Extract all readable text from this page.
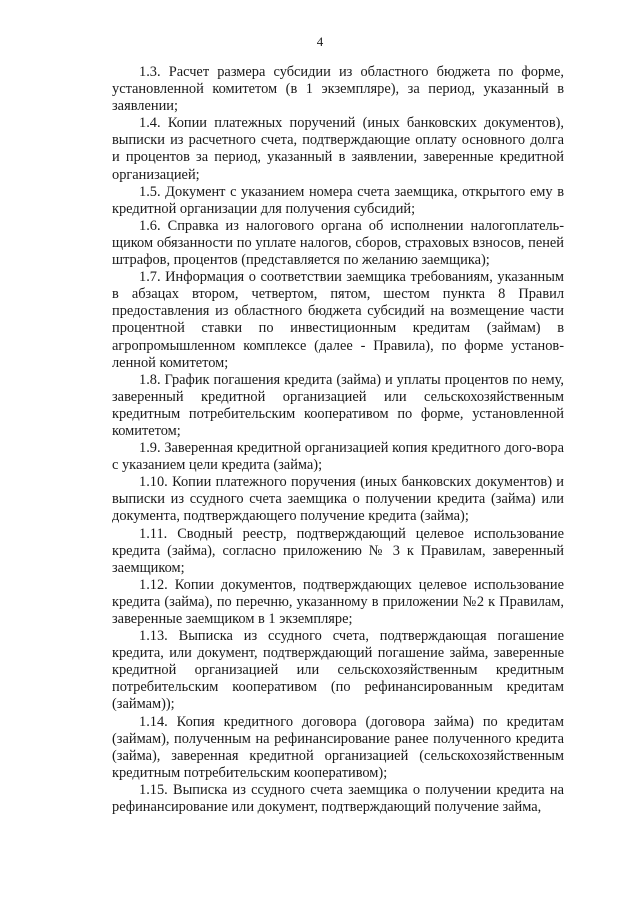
4

1.3. Расчет размера субсидии из областного бюджета по форме, установленной комитетом (в 1 экземпляре), за период, указанный в заявлении;

1.4. Копии платежных поручений (иных банковских документов), выписки из расчетного счета, подтверждающие оплату основного долга и процентов за период, указанный в заявлении, заверенные кредитной организацией;

1.5. Документ с указанием номера счета заемщика, открытого ему в кредитной организации для получения субсидий;

1.6. Справка из налогового органа об исполнении налогоплательщиком обязанности по уплате налогов, сборов, страховых взносов, пеней штрафов, процентов (представляется по желанию заемщика);

1.7. Информация о соответствии заемщика требованиям, указанным в абзацах втором, четвертом, пятом, шестом пункта 8 Правил предоставления из областного бюджета субсидий на возмещение части процентной ставки по инвестиционным кредитам (займам) в агропромышленном комплексе (далее - Правила), по форме установленной комитетом;

1.8. График погашения кредита (займа) и уплаты процентов по нему, заверенный кредитной организацией или сельскохозяйственным кредитным потребительским кооперативом по форме, установленной комитетом;

1.9. Заверенная кредитной организацией копия кредитного дого-вора с указанием цели кредита (займа);

1.10. Копии платежного поручения (иных банковских документов) и выписки из ссудного счета заемщика о получении кредита (займа) или документа, подтверждающего получение кредита (займа);

1.11. Сводный реестр, подтверждающий целевое использование кредита (займа), согласно приложению № 3 к Правилам, заверенный заемщиком;

1.12. Копии документов, подтверждающих целевое использование кредита (займа), по перечню, указанному в приложении №2 к Правилам, заверенные заемщиком в 1 экземпляре;

1.13. Выписка из ссудного счета, подтверждающая погашение кредита, или документ, подтверждающий погашение займа, заверенные кредитной организацией или сельскохозяйственным кредитным потребительским кооперативом (по рефинансированным кредитам (займам));

1.14. Копия кредитного договора (договора займа) по кредитам (займам), полученным на рефинансирование ранее полученного кредита (займа), заверенная кредитной организацией (сельскохозяйственным кредитным потребительским кооперативом);

1.15. Выписка из ссудного счета заемщика о получении кредита на рефинансирование или документ, подтверждающий получение займа,
